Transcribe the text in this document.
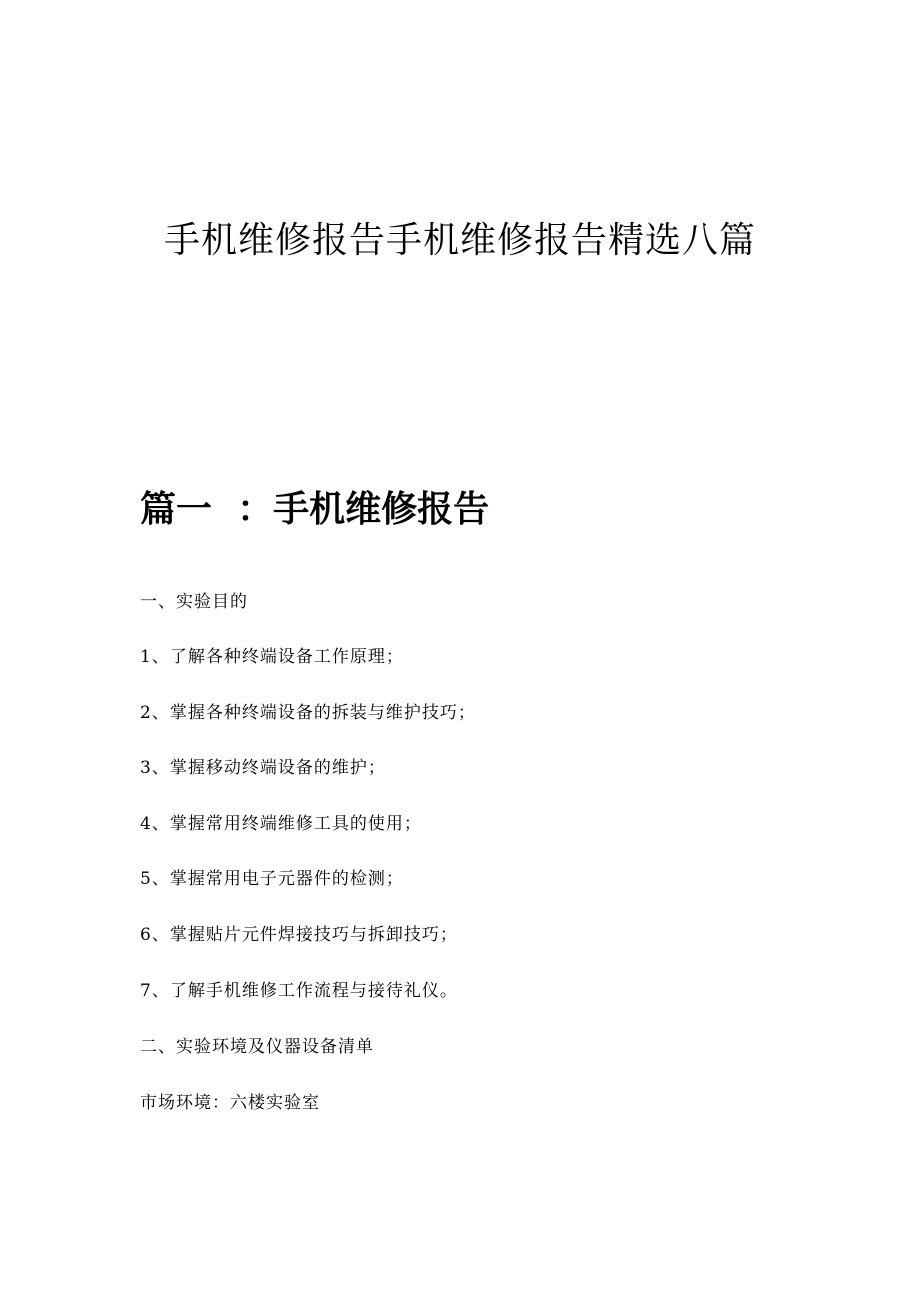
手机维修报告手机维修报告精选八篇
篇一  ：手机维修报告
一、实验目的
1、了解各种终端设备工作原理；
2、掌握各种终端设备的拆装与维护技巧；
3、掌握移动终端设备的维护；
4、掌握常用终端维修工具的使用；
5、掌握常用电子元器件的检测；
6、掌握贴片元件焊接技巧与拆卸技巧；
7、了解手机维修工作流程与接待礼仪。
二、实验环境及仪器设备清单
市场环境：六楼实验室
